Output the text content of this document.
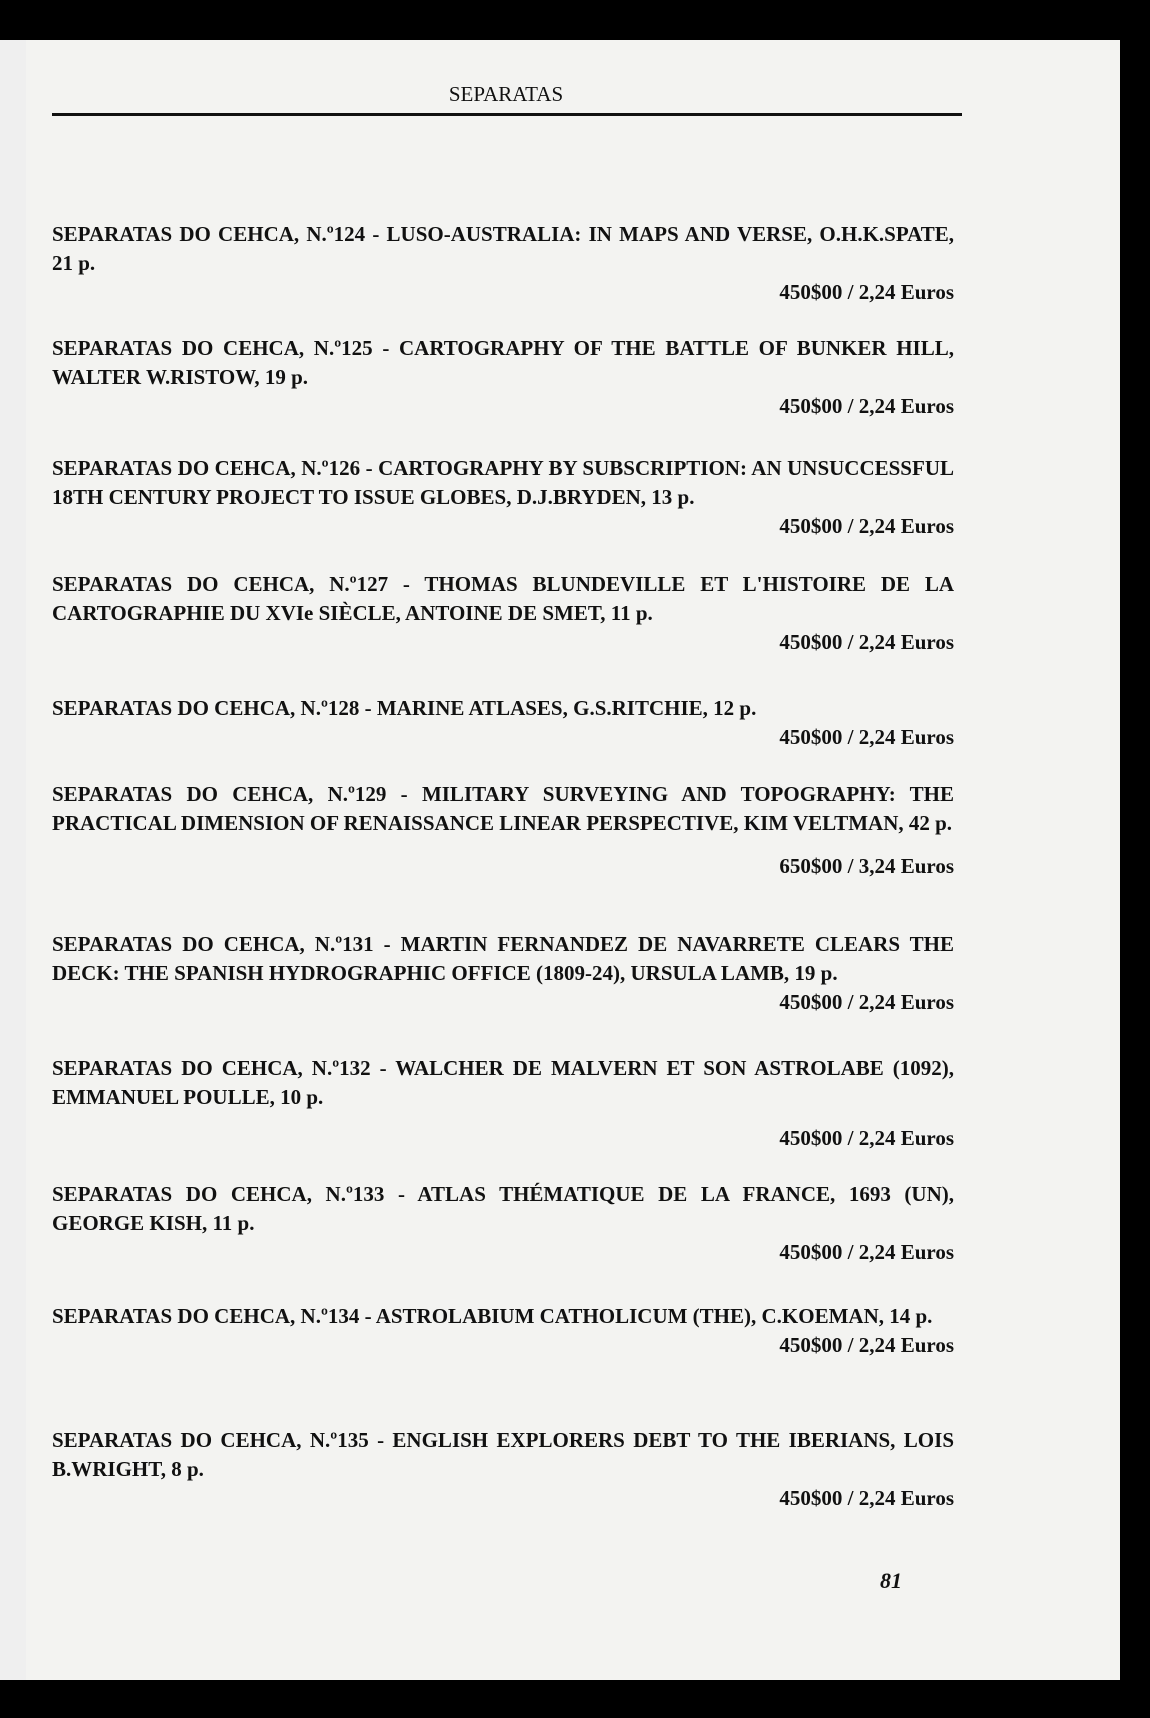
SEPARATAS
SEPARATAS DO CEHCA, N.º124 - LUSO-AUSTRALIA: IN MAPS AND VERSE, O.H.K.SPATE, 21 p.
450$00 / 2,24 Euros
SEPARATAS DO CEHCA, N.º125 - CARTOGRAPHY OF THE BATTLE OF BUNKER HILL, WALTER W.RISTOW, 19 p.
450$00 / 2,24 Euros
SEPARATAS DO CEHCA, N.º126 - CARTOGRAPHY BY SUBSCRIPTION: AN UNSUCCESSFUL 18TH CENTURY PROJECT TO ISSUE GLOBES, D.J.BRYDEN, 13 p.
450$00 / 2,24 Euros
SEPARATAS DO CEHCA, N.º127 - THOMAS BLUNDEVILLE ET L'HISTOIRE DE LA CARTOGRAPHIE DU XVIe SIÈCLE, ANTOINE DE SMET, 11 p.
450$00 / 2,24 Euros
SEPARATAS DO CEHCA, N.º128 - MARINE ATLASES, G.S.RITCHIE, 12 p.
450$00 / 2,24 Euros
SEPARATAS DO CEHCA, N.º129 - MILITARY SURVEYING AND TOPOGRAPHY: THE PRACTICAL DIMENSION OF RENAISSANCE LINEAR PERSPECTIVE, KIM VELTMAN, 42 p.
650$00 / 3,24 Euros
SEPARATAS DO CEHCA, N.º131 - MARTIN FERNANDEZ DE NAVARRETE CLEARS THE DECK: THE SPANISH HYDROGRAPHIC OFFICE (1809-24), URSULA LAMB, 19 p.
450$00 / 2,24 Euros
SEPARATAS DO CEHCA, N.º132 - WALCHER DE MALVERN ET SON ASTROLABE (1092), EMMANUEL POULLE, 10 p.
450$00 / 2,24 Euros
SEPARATAS DO CEHCA, N.º133 - ATLAS THÉMATIQUE DE LA FRANCE, 1693 (UN), GEORGE KISH, 11 p.
450$00 / 2,24 Euros
SEPARATAS DO CEHCA, N.º134 - ASTROLABIUM CATHOLICUM (THE), C.KOEMAN, 14 p.
450$00 / 2,24 Euros
SEPARATAS DO CEHCA, N.º135 - ENGLISH EXPLORERS DEBT TO THE IBERIANS, LOIS B.WRIGHT, 8 p.
450$00 / 2,24 Euros
81
